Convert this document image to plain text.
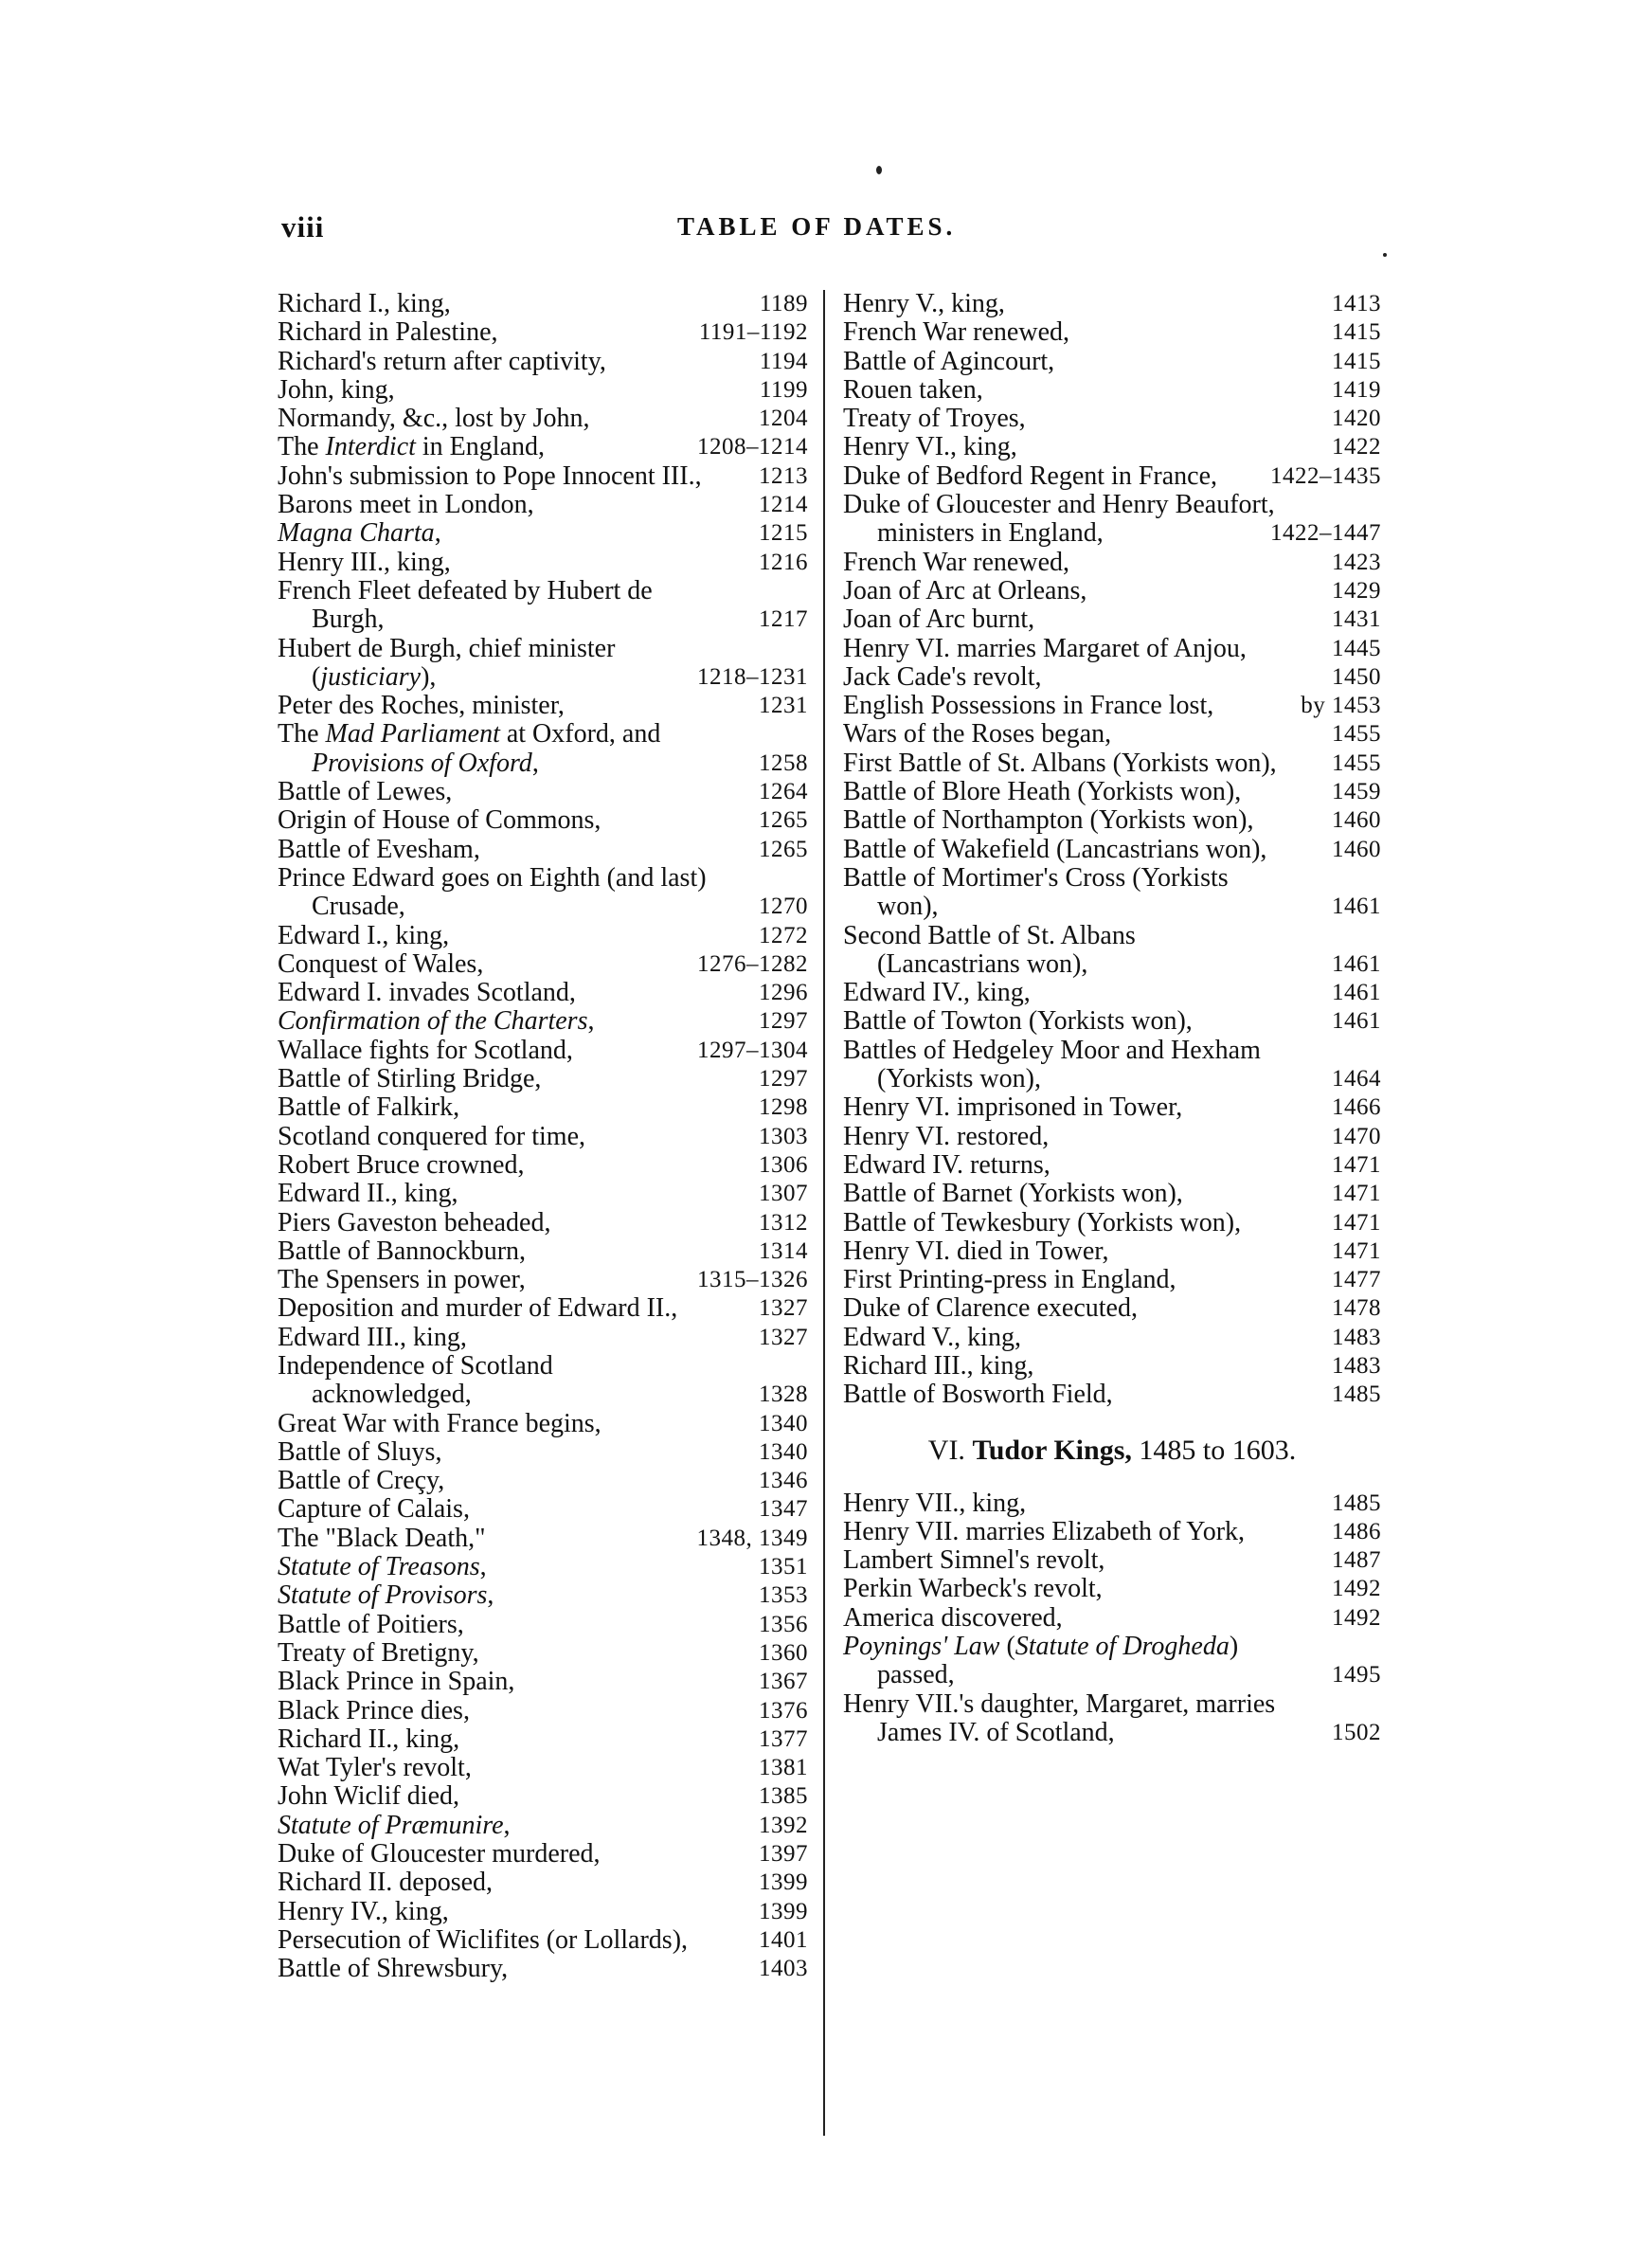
viii	TABLE OF DATES.
Richard I., king,	1189
Richard in Palestine,	1191–1192
Richard's return after captivity,	1194
John, king,	1199
Normandy, &c., lost by John,	1204
The Interdict in England,	1208–1214
John's submission to Pope Innocent III., 1213
Barons meet in London,	1214
Magna Charta,	1215
Henry III., king,	1216
French Fleet defeated by Hubert de Burgh,	1217
Hubert de Burgh, chief minister (justiciary),	1218–1231
Peter des Roches, minister,	1231
The Mad Parliament at Oxford, and Provisions of Oxford,	1258
Battle of Lewes,	1264
Origin of House of Commons,	1265
Battle of Evesham,	1265
Prince Edward goes on Eighth (and last) Crusade,	1270
Edward I., king,	1272
Conquest of Wales,	1276–1282
Edward I. invades Scotland,	1296
Confirmation of the Charters,	1297
Wallace fights for Scotland,	1297–1304
Battle of Stirling Bridge,	1297
Battle of Falkirk,	1298
Scotland conquered for time,	1303
Robert Bruce crowned,	1306
Edward II., king,	1307
Piers Gaveston beheaded,	1312
Battle of Bannockburn,	1314
The Spensers in power,	1315–1326
Deposition and murder of Edward II.,	1327
Edward III., king,	1327
Independence of Scotland acknowledged,	1328
Great War with France begins,	1340
Battle of Sluys,	1340
Battle of Creçy,	1346
Capture of Calais,	1347
The "Black Death,"	1348, 1349
Statute of Treasons,	1351
Statute of Provisors,	1353
Battle of Poitiers,	1356
Treaty of Bretigny,	1360
Black Prince in Spain,	1367
Black Prince dies,	1376
Richard II., king,	1377
Wat Tyler's revolt,	1381
John Wiclif died,	1385
Statute of Præmunire,	1392
Duke of Gloucester murdered,	1397
Richard II. deposed,	1399
Henry IV., king,	1399
Persecution of Wiclifites (or Lollards),	1401
Battle of Shrewsbury,	1403
Henry V., king,	1413
French War renewed,	1415
Battle of Agincourt,	1415
Rouen taken,	1419
Treaty of Troyes,	1420
Henry VI., king,	1422
Duke of Bedford Regent in France, 1422–1435
Duke of Gloucester and Henry Beaufort, ministers in England,	1422–1447
French War renewed,	1423
Joan of Arc at Orleans,	1429
Joan of Arc burnt,	1431
Henry VI. marries Margaret of Anjou,	1445
Jack Cade's revolt,	1450
English Possessions in France lost,	by 1453
Wars of the Roses began,	1455
First Battle of St. Albans (Yorkists won), 1455
Battle of Blore Heath (Yorkists won),	1459
Battle of Northampton (Yorkists won),	1460
Battle of Wakefield (Lancastrians won),	1460
Battle of Mortimer's Cross (Yorkists won),	1461
Second Battle of St. Albans (Lancastrians won),	1461
Edward IV., king,	1461
Battle of Towton (Yorkists won),	1461
Battles of Hedgeley Moor and Hexham (Yorkists won),	1464
Henry VI. imprisoned in Tower,	1466
Henry VI. restored,	1470
Edward IV. returns,	1471
Battle of Barnet (Yorkists won),	1471
Battle of Tewkesbury (Yorkists won),	1471
Henry VI. died in Tower,	1471
First Printing-press in England,	1477
Duke of Clarence executed,	1478
Edward V., king,	1483
Richard III., king,	1483
Battle of Bosworth Field,	1485
VI. Tudor Kings, 1485 to 1603.
Henry VII., king,	1485
Henry VII. marries Elizabeth of York,	1486
Lambert Simnel's revolt,	1487
Perkin Warbeck's revolt,	1492
America discovered,	1492
Poynings' Law (Statute of Drogheda) passed,	1495
Henry VII.'s daughter, Margaret, marries James IV. of Scotland,	1502
